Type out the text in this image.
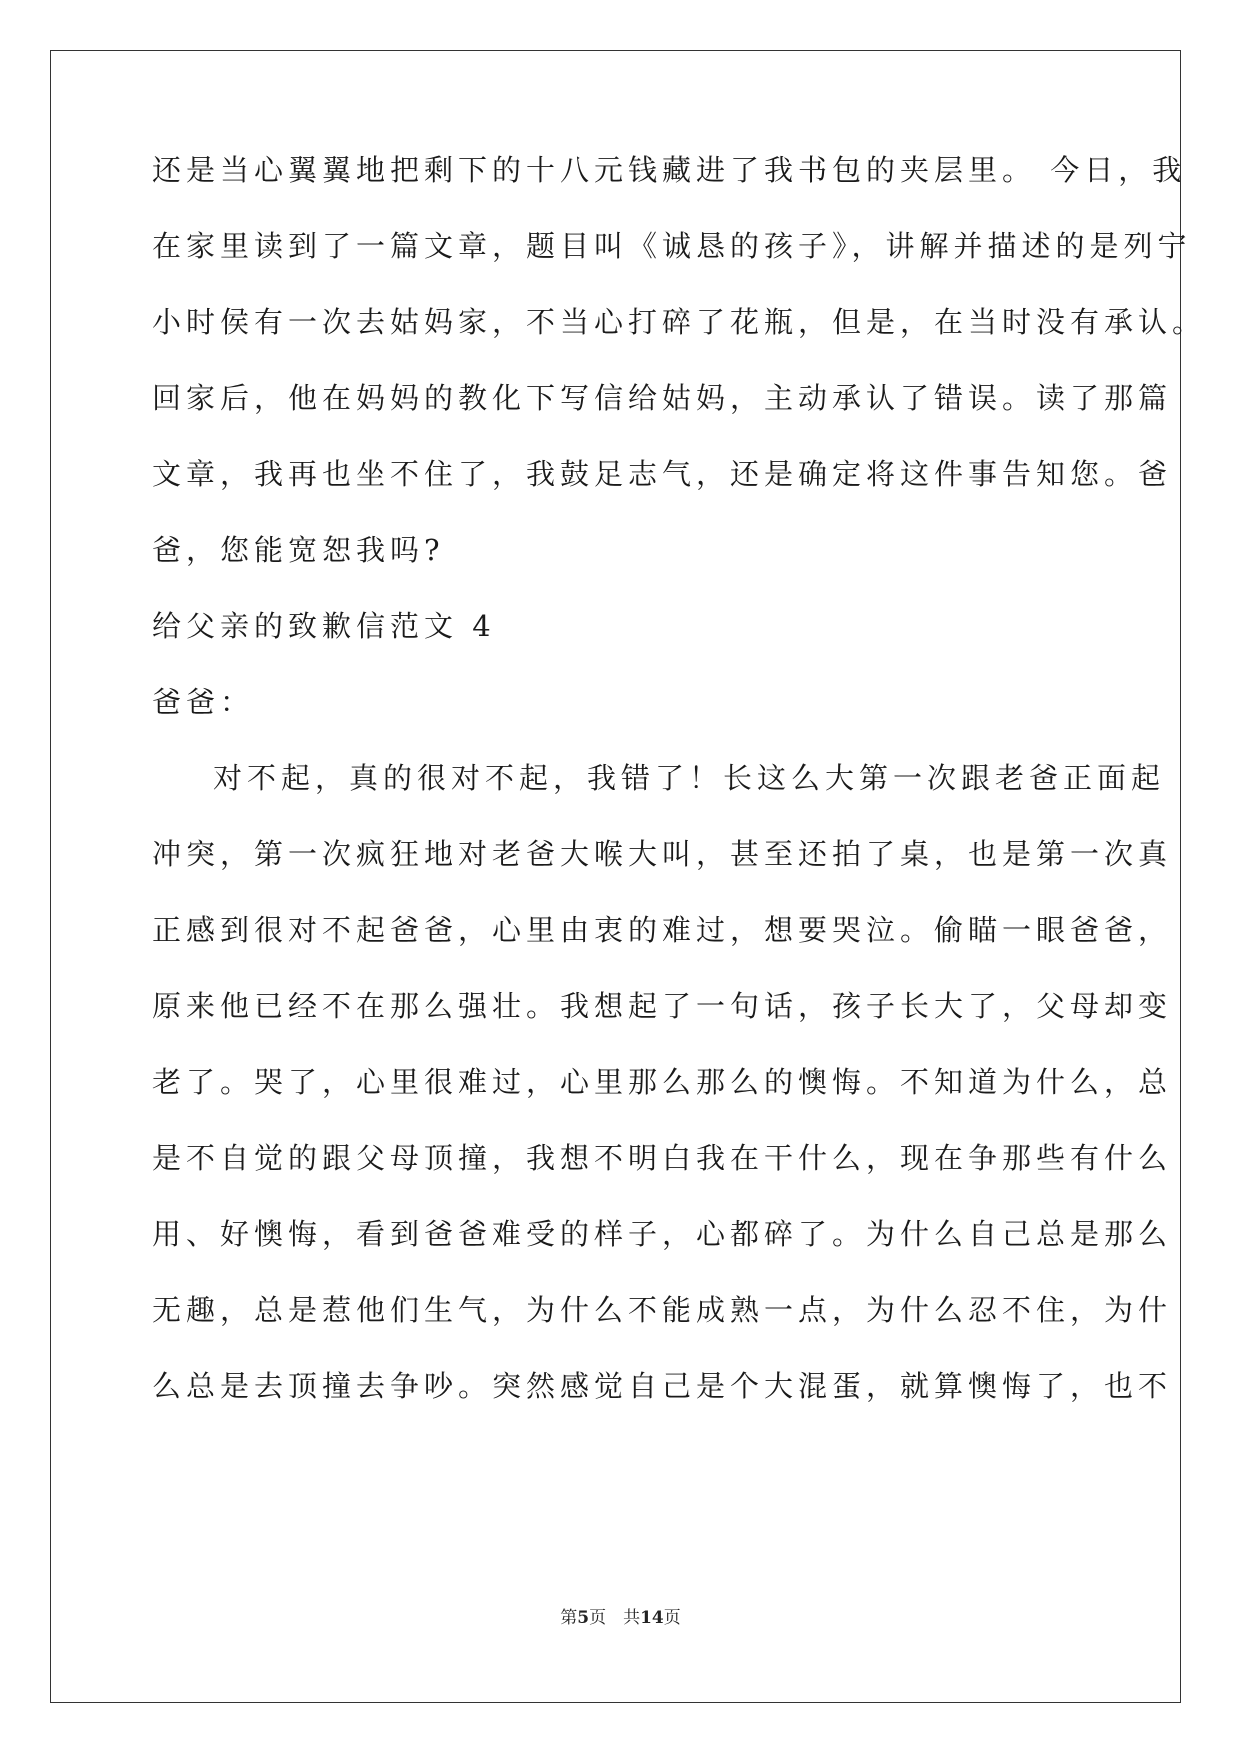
还是当心翼翼地把剩下的十八元钱藏进了我书包的夹层里。 今日，我
在家里读到了一篇文章，题目叫《诚恳的孩子》，讲解并描述的是列宁
小时侯有一次去姑妈家，不当心打碎了花瓶，但是，在当时没有承认。
回家后，他在妈妈的教化下写信给姑妈，主动承认了错误。读了那篇
文章，我再也坐不住了，我鼓足志气，还是确定将这件事告知您。爸
爸，您能宽恕我吗?
给父亲的致歉信范文 4
爸爸：
对不起，真的很对不起，我错了！长这么大第一次跟老爸正面起
冲突，第一次疯狂地对老爸大喉大叫，甚至还拍了桌，也是第一次真
正感到很对不起爸爸，心里由衷的难过，想要哭泣。偷瞄一眼爸爸，
原来他已经不在那么强壮。我想起了一句话，孩子长大了，父母却变
老了。哭了，心里很难过，心里那么那么的懊悔。不知道为什么，总
是不自觉的跟父母顶撞，我想不明白我在干什么，现在争那些有什么
用、好懊悔，看到爸爸难受的样子，心都碎了。为什么自己总是那么
无趣，总是惹他们生气，为什么不能成熟一点，为什么忍不住，为什
么总是去顶撞去争吵。突然感觉自己是个大混蛋，就算懊悔了，也不
第5页　共14页
